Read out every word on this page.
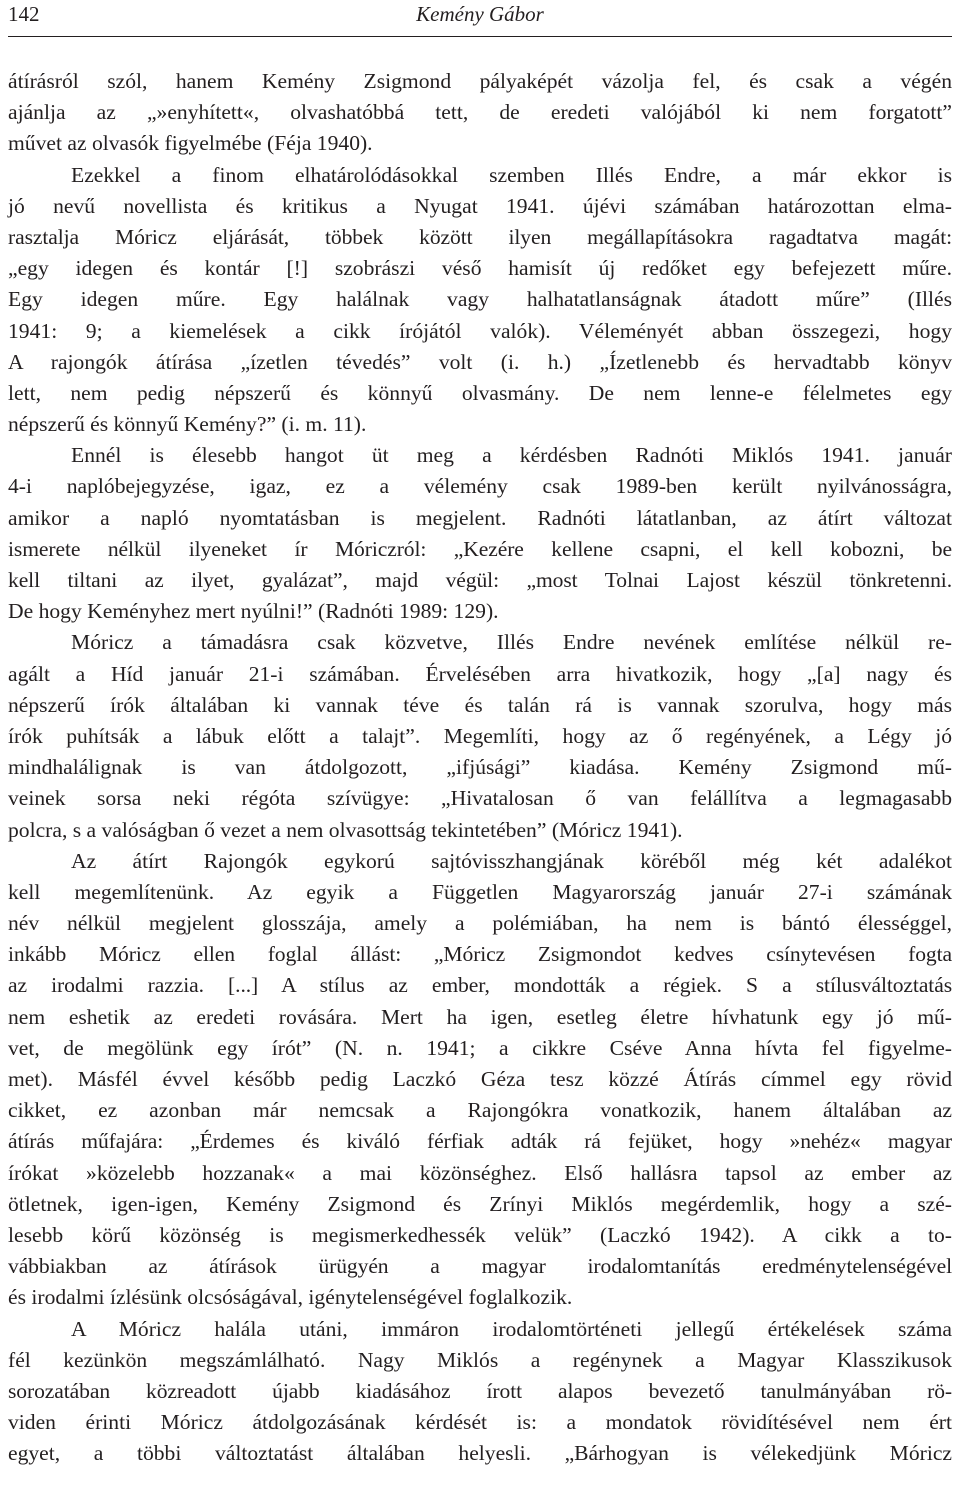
142	Kemény Gábor
átírásról szól, hanem Kemény Zsigmond pályaképét vázolja fel, és csak a végén
ajánlja az „»enyhített«, olvashatóbbá tett, de eredeti valójából ki nem forgatott”
művet az olvasók figyelmébe (Féja 1940).
Ezekkel a finom elhatárolódásokkal szemben Illés Endre, a már ekkor is
jó nevű novellista és kritikus a Nyugat 1941. újévi számában határozottan elma-
rasztalja Móricz eljárását, többek között ilyen megállapításokra ragadtatva magát:
„egy idegen és kontár [!] szobrászi véső hamisít új redőket egy befejezett műre.
Egy idegen műre. Egy halálnak vagy halhatatlanságnak átadott műre” (Illés
1941: 9; a kiemelések a cikk írójától valók). Véleményét abban összegezi, hogy
A rajongók átírása „ízetlen tévedés” volt (i. h.) „Ízetlenebb és hervadtabb könyv
lett, nem pedig népszerű és könnyű olvasmány. De nem lenne-e félelmetes egy
népszerű és könnyű Kemény?” (i. m. 11).
Ennél is élesebb hangot üt meg a kérdésben Radnóti Miklós 1941. január
4-i naplóbejegyzése, igaz, ez a vélemény csak 1989-ben került nyilvánosságra,
amikor a napló nyomtatásban is megjelent. Radnóti látatlanban, az átírt változat
ismerete nélkül ilyeneket ír Móriczról: „Kezére kellene csapni, el kell kobozni, be
kell tiltani az ilyet, gyalázat”, majd végül: „most Tolnai Lajost készül tönkretenni.
De hogy Keményhez mert nyúlni!” (Radnóti 1989: 129).
Móricz a támadásra csak közvetve, Illés Endre nevének említése nélkül re-
agált a Híd január 21-i számában. Érvelésében arra hivatkozik, hogy „[a] nagy és
népszerű írók általában ki vannak téve és talán rá is vannak szorulva, hogy más
írók puhítsák a lábuk előtt a talajt”. Megemlíti, hogy az ő regényének, a Légy jó
mindhalálignak is van átdolgozott, „ifjúsági” kiadása. Kemény Zsigmond mű-
veinek sorsa neki régóta szívügye: „Hivatalosan ő van felállítva a legmagasabb
polcra, s a valóságban ő vezet a nem olvasottság tekintetében” (Móricz 1941).
Az átírt Rajongók egykorú sajtóvisszhangjának köréből még két adalékot
kell megemlítenünk. Az egyik a Független Magyarország január 27-i számának
név nélkül megjelent glosszája, amely a polémiában, ha nem is bántó élességgel,
inkább Móricz ellen foglal állást: „Móricz Zsigmondot kedves csínytevésen fogta
az irodalmi razzia. [...] A stílus az ember, mondották a régiek. S a stílusváltoztatás
nem eshetik az eredeti rovására. Mert ha igen, esetleg életre hívhatunk egy jó mű-
vet, de megölünk egy írót” (N. n. 1941; a cikkre Cséve Anna hívta fel figyelme-
met). Másfél évvel később pedig Laczkó Géza tesz közzé Átírás címmel egy rövid
cikket, ez azonban már nemcsak a Rajongókra vonatkozik, hanem általában az
átírás műfajára: „Érdemes és kiváló férfiak adták rá fejüket, hogy »nehéz« magyar
írókat »közelebb hozzanak« a mai közönséghez. Első hallásra tapsol az ember az
ötletnek, igen-igen, Kemény Zsigmond és Zrínyi Miklós megérdemlik, hogy a szé-
lesebb körű közönség is megismerkedhessék velük” (Laczkó 1942). A cikk a to-
vábbiakban az átírások ürügyén a magyar irodalomtanítás eredménytelenségével
és irodalmi ízlésünk olcsóságával, igénytelenségével foglalkozik.
A Móricz halála utáni, immáron irodalomtörténeti jellegű értékelések száma
fél kezünkön megszámlálható. Nagy Miklós a regénynek a Magyar Klasszikusok
sorozatában közreadott újabb kiadásához írott alapos bevezető tanulmányában rö-
viden érinti Móricz átdolgozásának kérdését is: a mondatok rövidítésével nem ért
egyet, a többi változtatást általában helyesli. „Bárhogyan is vélekedjünk Móricz
